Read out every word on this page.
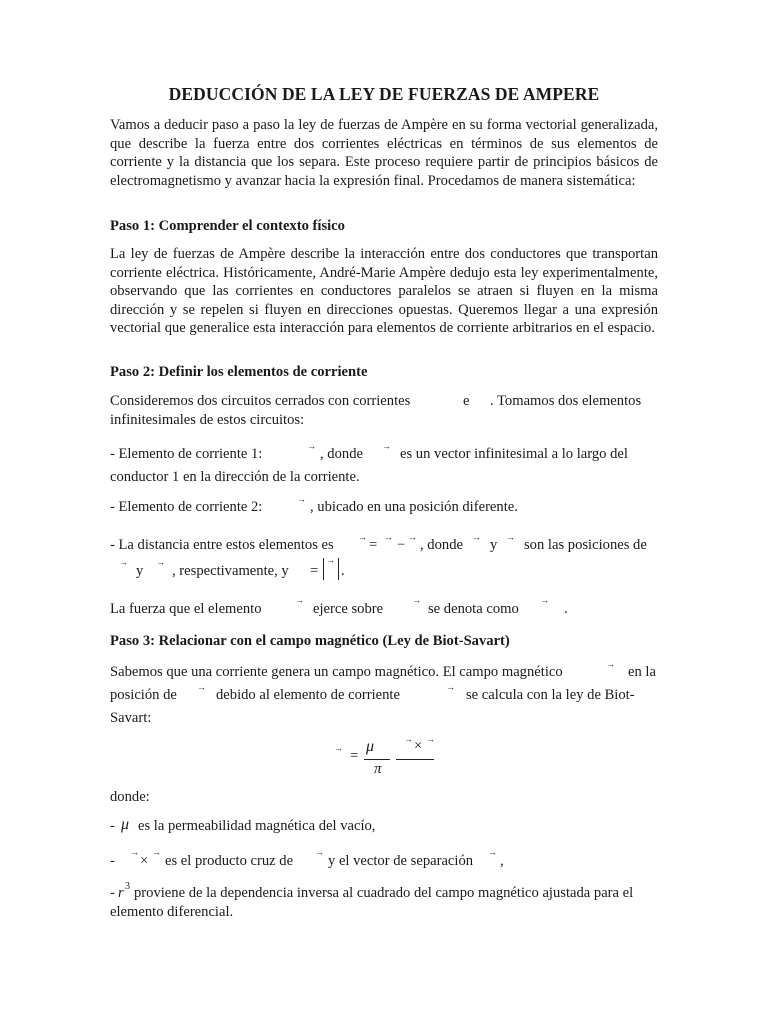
DEDUCCIÓN DE LA LEY DE FUERZAS DE AMPERE
Vamos a deducir paso a paso la ley de fuerzas de Ampère en su forma vectorial generalizada, que describe la fuerza entre dos corrientes eléctricas en términos de sus elementos de corriente y la distancia que los separa. Este proceso requiere partir de principios básicos de electromagnetismo y avanzar hacia la expresión final. Procedamos de manera sistemática:
Paso 1: Comprender el contexto físico
La ley de fuerzas de Ampère describe la interacción entre dos conductores que transportan corriente eléctrica. Históricamente, André-Marie Ampère dedujo esta ley experimentalmente, observando que las corrientes en conductores paralelos se atraen si fluyen en la misma dirección y se repelen si fluyen en direcciones opuestas. Queremos llegar a una expresión vectorial que generalice esta interacción para elementos de corriente arbitrarios en el espacio.
Paso 2: Definir los elementos de corriente
Consideremos dos circuitos cerrados con corrientes	e . Tomamos dos elementos
infinitesimales de estos circuitos:
- Elemento de corriente 1:	→ , donde → es un vector infinitesimal a lo largo del
conductor 1 en la dirección de la corriente.
- Elemento de corriente 2:	→ , ubicado en una posición diferente.
- La distancia entre estos elementos es	→ = → − → , donde → y → son las posiciones de
→
y
→
, respectivamente, y =
→
.
La fuerza que el elemento
→
ejerce sobre
→
se denota como
→
.
Paso 3: Relacionar con el campo magnético (Ley de Biot-Savart)
Sabemos que una corriente genera un campo magnético. El campo magnético	→ en la
posición de → debido al elemento de corriente	→ se calcula con la ley de Biot-
Savart:
→ =
μ
π
→ × →
donde:
- μ es la permeabilidad magnética del vacío,
-
→
×
→
es el producto cruz de
→
y el vector de separación
→
,
- r 3 proviene de la dependencia inversa al cuadrado del campo magnético ajustada para el
elemento diferencial.
